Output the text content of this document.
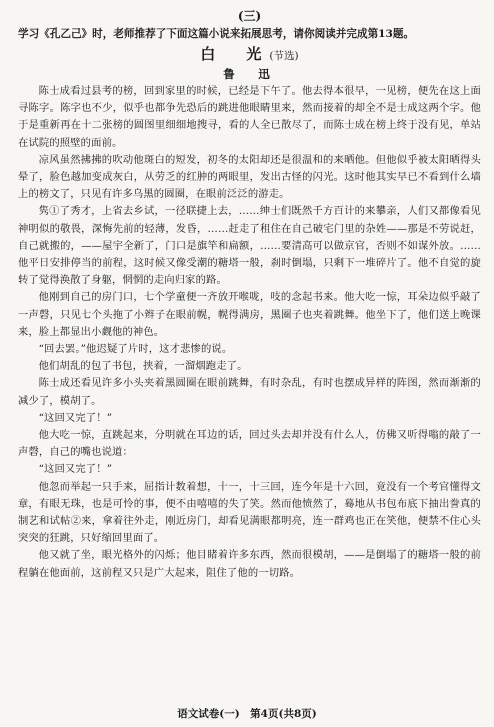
(三)
学习《孔乙己》时，老师推荐了下面这篇小说来拓展思考，请你阅读并完成第13题。
白　光(节选)
鲁　迅

陈士成看过县考的榜，回到家里的时候，已经是下午了。他去得本很早，一见榜，便先在这上面寻陈字。陈字也不少，似乎也都争先恐后的跳进他眼睛里来，然而接着的却全不是士成这两个字。他于是重新再在十二张榜的圆图里细细地搜寻，看的人全已散尽了，而陈士成在榜上终于没有见，单站在试院的照壁的面前。

凉风虽然拂拂的吹动他斑白的短发，初冬的太阳却还是很温和的来晒他。但他似乎被太阳晒得头晕了，脸色越加变成灰白，从劳乏的红肿的两眼里，发出古怪的闪光。这时他其实早已不看到什么墙上的榜文了，只见有许多乌黑的圆圈，在眼前泛泛的游走。

隽①了秀才，上省去乡试，一径联捷上去，……绅士们既然千方百计的来攀亲，人们又都像看见神明似的敬畏，深悔先前的轻薄，发昏，……赶走了租住在自己破宅门里的杂姓——那是不劳说赶，自己就搬的，——屋宇全新了，门口是旗竿和扁额，……要清高可以做京官，否则不如谋外放。……他平日安排停当的前程，这时候又像受潮的糖塔一般，刹时倒塌，只剩下一堆碎片了。他不自觉的旋转了觉得涣散了身躯，惘惘的走向归家的路。

他刚到自己的房门口，七个学童便一齐放开喉咙，吱的念起书来。他大吃一惊，耳朵边似乎敲了一声磬，只见七个头拖了小辫子在眼前幌，幌得满房，黑圈子也夹着跳舞。他坐下了，他们送上晚课来，脸上都显出小觑他的神色。

“回去罢。”他迟疑了片时，这才悲惨的说。

他们胡乱的包了书包，挟着，一溜烟跑走了。

陈士成还看见许多小头夹着黑圆圈在眼前跳舞，有时杂乱，有时也摆成异样的阵图，然而渐渐的减少了，模胡了。

“这回又完了！”

他大吃一惊，直跳起来，分明就在耳边的话，回过头去却并没有什么人，仿佛又听得嗡的敲了一声磬，自己的嘴也说道：

“这回又完了！”

他忽而举起一只手来，屈指计数着想，十一，十三回，连今年是十六回，竟没有一个考官懂得文章，有眼无珠，也是可怜的事，便不由嘻嘻的失了笑。然而他愤然了，蓦地从书包布底下抽出誊真的制艺和试帖②来，拿着往外走，刚近房门，却看见满眼都明亮，连一群鸡也正在笑他，便禁不住心头突突的狂跳，只好缩回里面了。

他又就了坐，眼光格外的闪烁；他目睹着许多东西，然而很模胡，——是倒塌了的糖塔一般的前程躺在他面前，这前程又只是广大起来，阻住了他的一切路。

语文试卷(一)　第4页(共8页)
